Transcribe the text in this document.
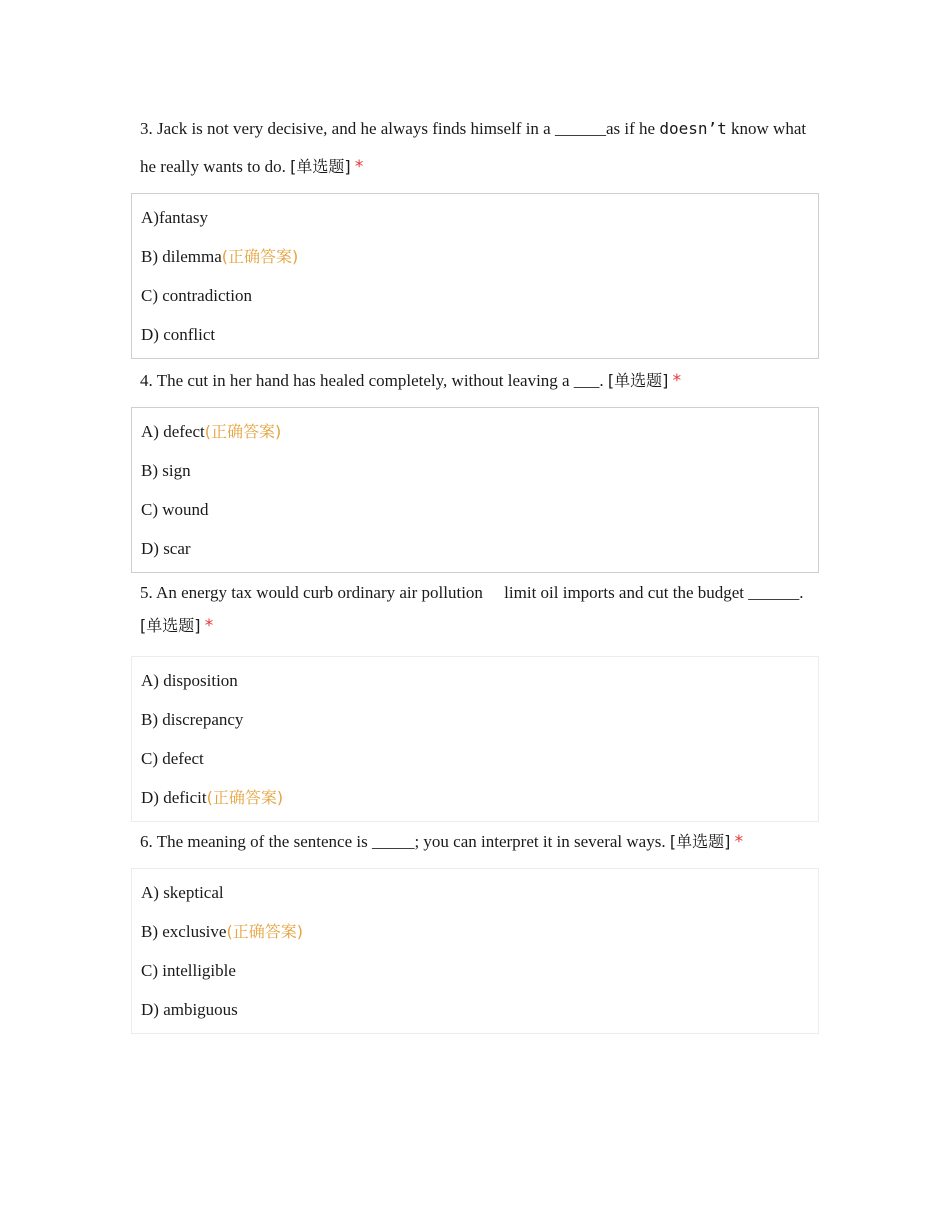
3. Jack is not very decisive, and he always finds himself in a ______as if he doesn’t know what he really wants to do. [单选题] *

A)fantasy
B) dilemma(正确答案)
C) contradiction
D) conflict

4. The cut in her hand has healed completely, without leaving a ___. [单选题] *

A) defect(正确答案)
B) sign
C) wound
D) scar

5. An energy tax would curb ordinary air pollution     limit oil imports and cut the budget ______. [单选题] *

A) disposition
B) discrepancy
C) defect
D) deficit(正确答案)

6. The meaning of the sentence is _____; you can interpret it in several ways. [单选题] *

A) skeptical
B) exclusive(正确答案)
C) intelligible
D) ambiguous
